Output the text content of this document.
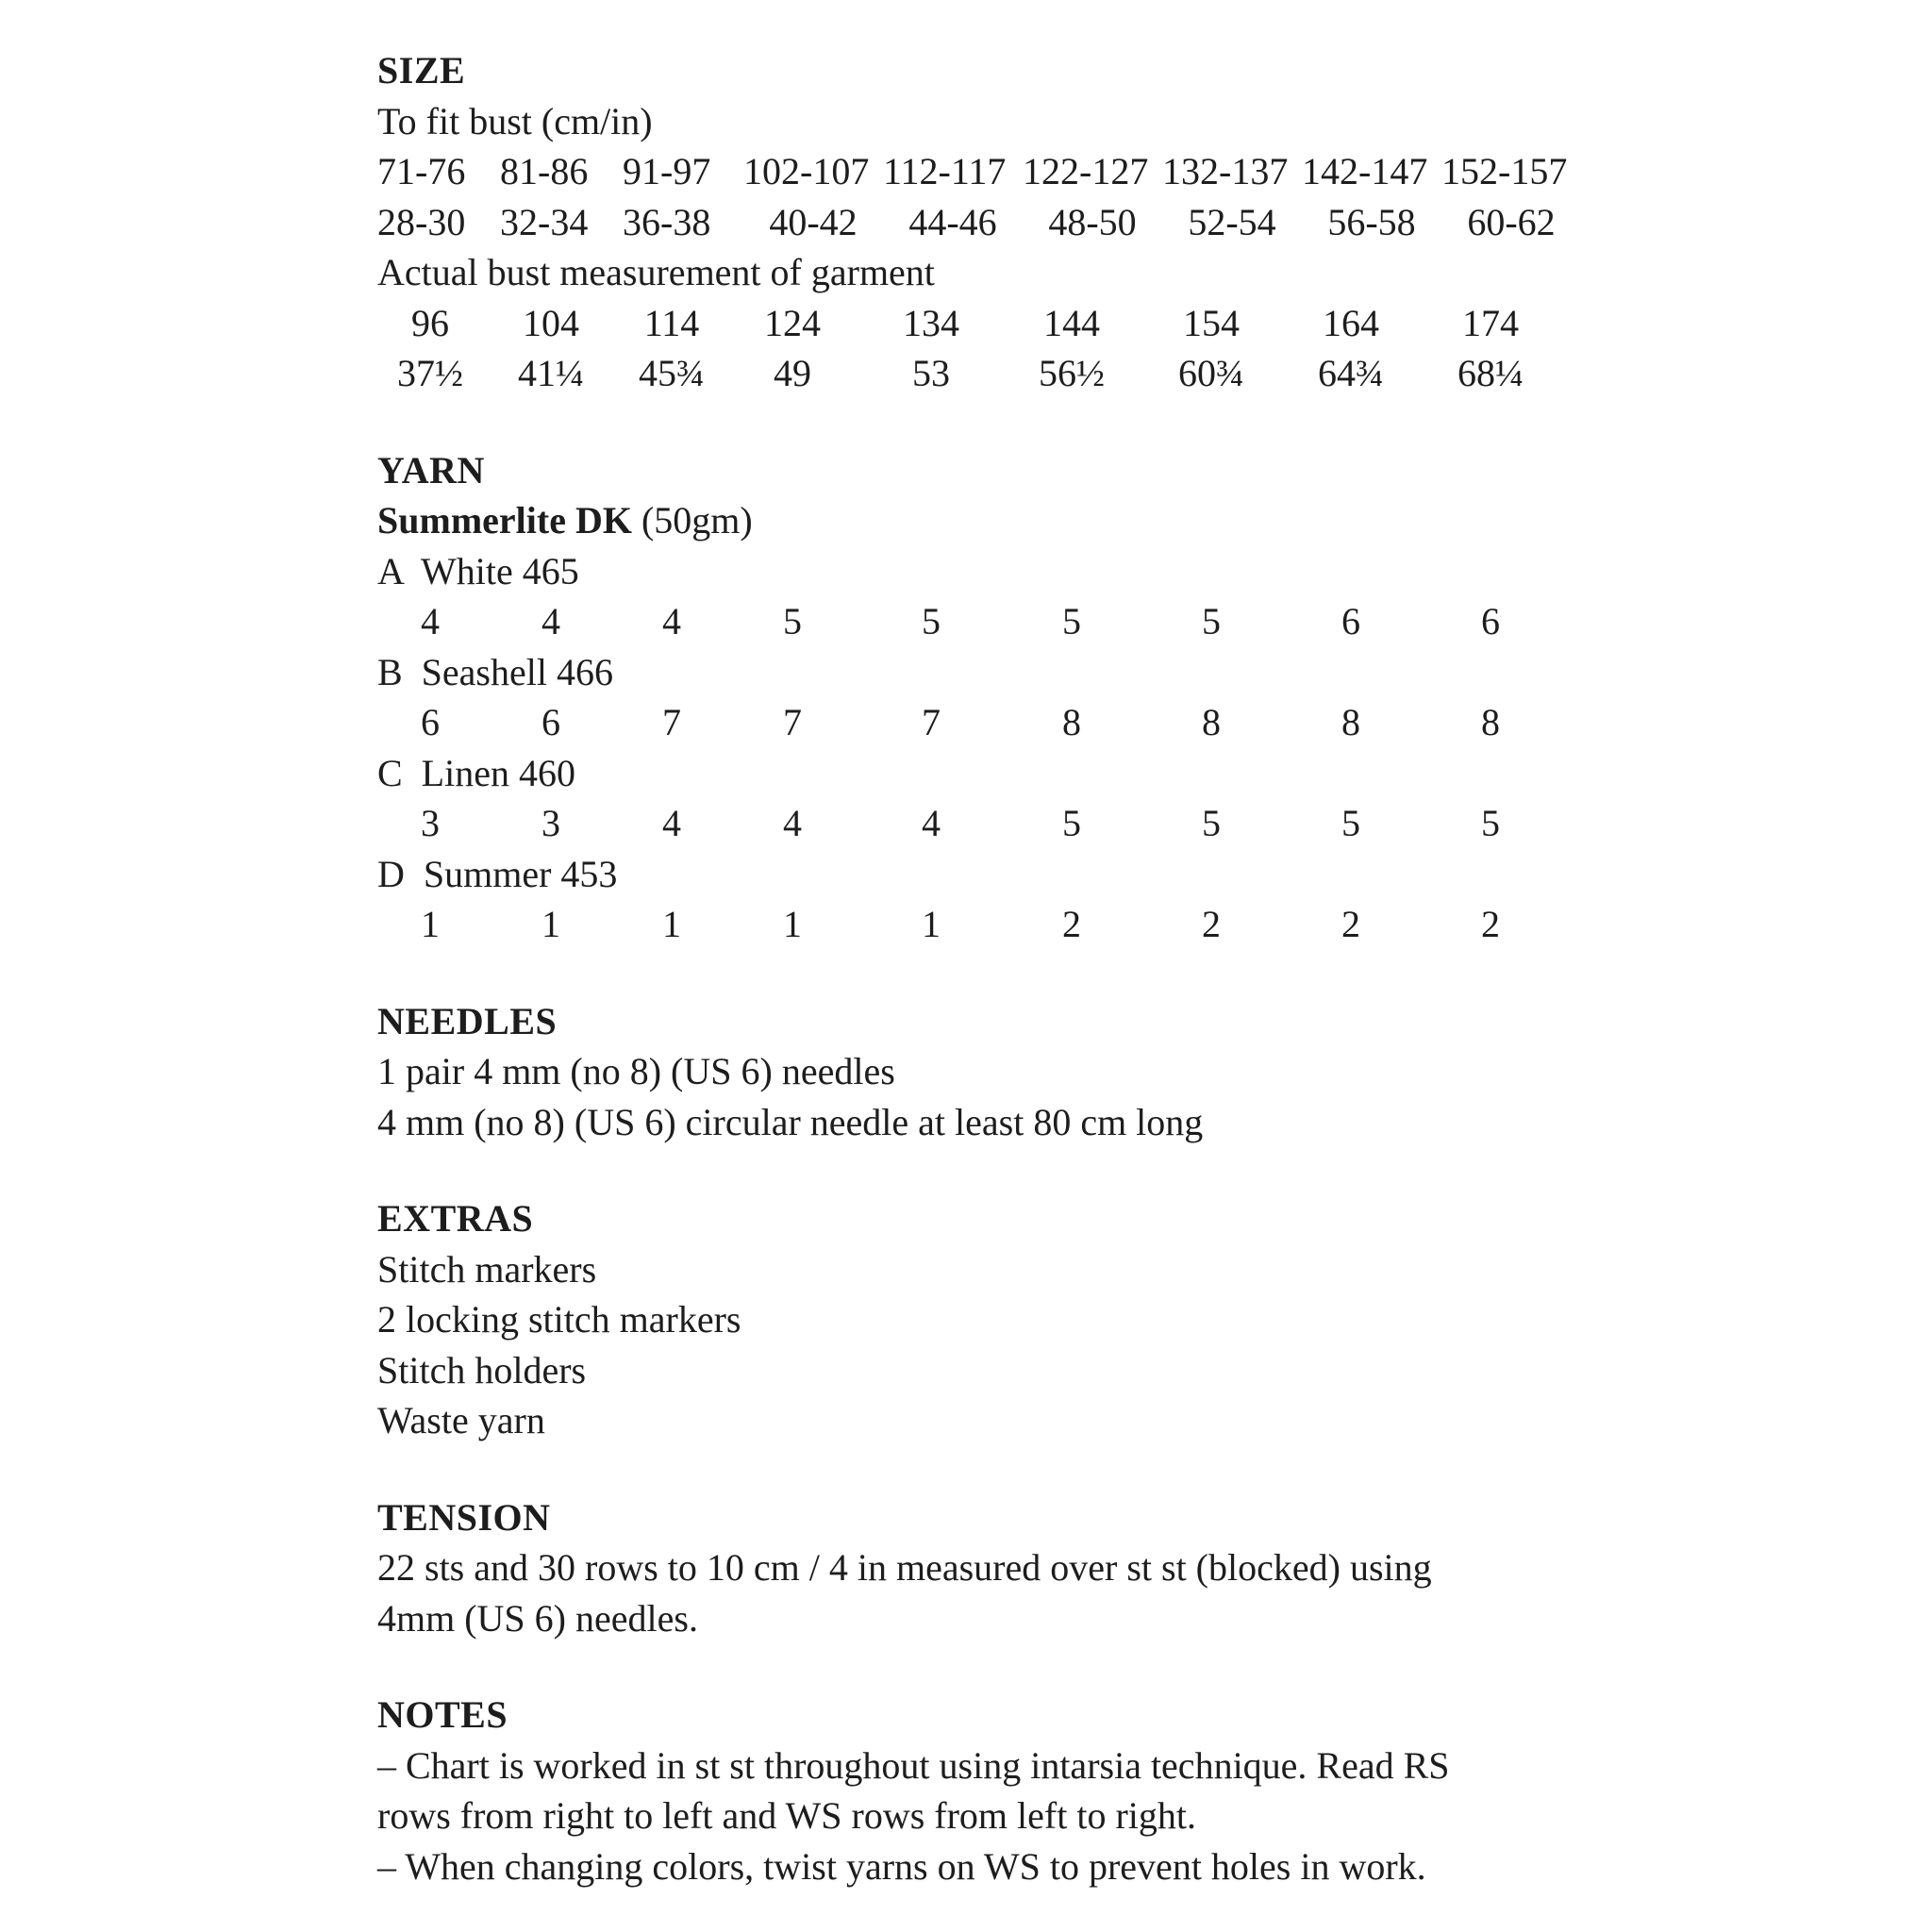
SIZE

To fit bust (cm/in)

71-76 81-86 91-97 102-107 112-117 122-127 132-137 142-147 152-157
28-30 32-34 36-38	40-42	44-46	48-50	52-54	56-58	60-62

Actual bust measurement of garment

96	104	114	124	134	144	154	164	174
37½	41¼	45¾	49	53	56½	60¾	64¾	68¼

YARN

Summerlite DK (50gm)

A  White 465

4	4	4	5	5	5	5	6	6

B  Seashell 466

6	6	7	7	7	8	8	8	8

C  Linen 460

3	3	4	4	4	5	5	5	5

D  Summer 453

1	1	1	1	1	2	2	2	2

NEEDLES

1 pair 4 mm (no 8) (US 6) needles

4 mm (no 8) (US 6) circular needle at least 80 cm long

EXTRAS

Stitch markers

2 locking stitch markers

Stitch holders

Waste yarn

TENSION

22 sts and 30 rows to 10 cm / 4 in measured over st st (blocked) using

4mm (US 6) needles.

NOTES

– Chart is worked in st st throughout using intarsia technique. Read RS

rows from right to left and WS rows from left to right.

– When changing colors, twist yarns on WS to prevent holes in work.
